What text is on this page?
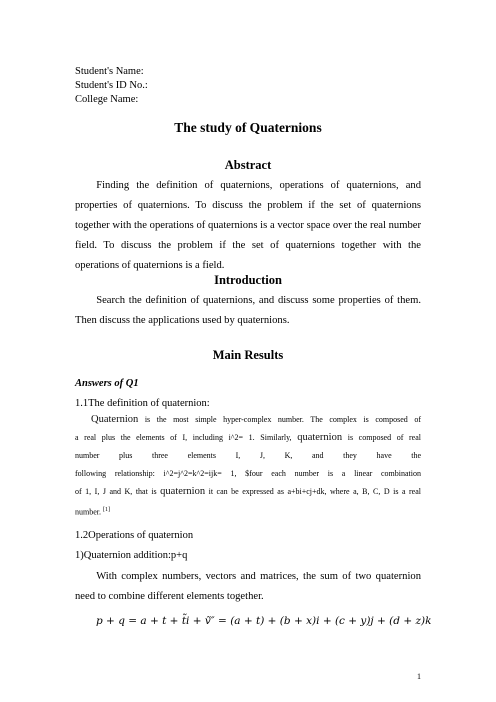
Student's Name:
Student's ID No.:
College Name:
The study of Quaternions
Abstract
Finding the definition of quaternions, operations of quaternions, and properties of quaternions. To discuss the problem if the set of quaternions together with the operations of quaternions is a vector space over the real number field. To discuss the problem if the set of quaternions together with the operations of quaternions is a field.
Introduction
Search the definition of quaternions, and discuss some properties of them. Then discuss the applications used by quaternions.
Main Results
Answers of Q1
1.1The definition of quaternion:
Quaternion is the most simple hyper-complex number. The complex is composed of
a real plus the elements of I, including i^2= 1. Similarly, quaternion is composed of real
number plus three elements I, J, K, and they have the
following relationship: i^2=j^2=k^2=ijk= 1, $four each number is a linear combination
of 1, I, J and K, that is quaternion it can be expressed as a+bi+cj+dk, where a, B, C, D is a real
number. [1]
1.2Operations of quaternion
1)Quaternion addition:p+q
With complex numbers, vectors and matrices, the sum of two quaternion need to combine different elements together.
p + q = a + t + t̃i + ṽ″ = (a + t) + (b + x)i + (c + y)j + (d + z)k
1
